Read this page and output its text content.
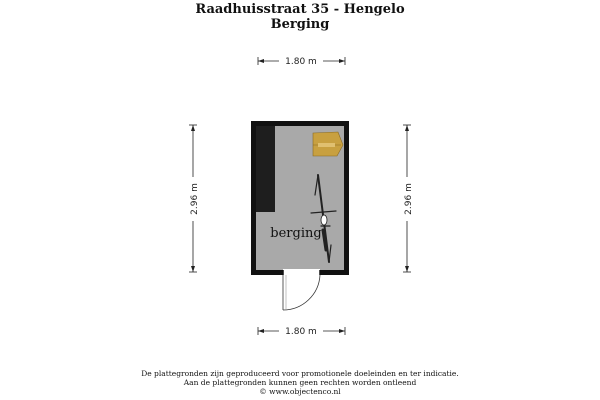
Raadhuisstraat 35 - Hengelo
Berging
1.80 m
1.80 m
2.96 m	2.96 m
berging
De plattegronden zijn geproduceerd voor promotionele doeleinden en ter indicatie.
Aan de plattegronden kunnen geen rechten worden ontleend
© www.objectenco.nl
